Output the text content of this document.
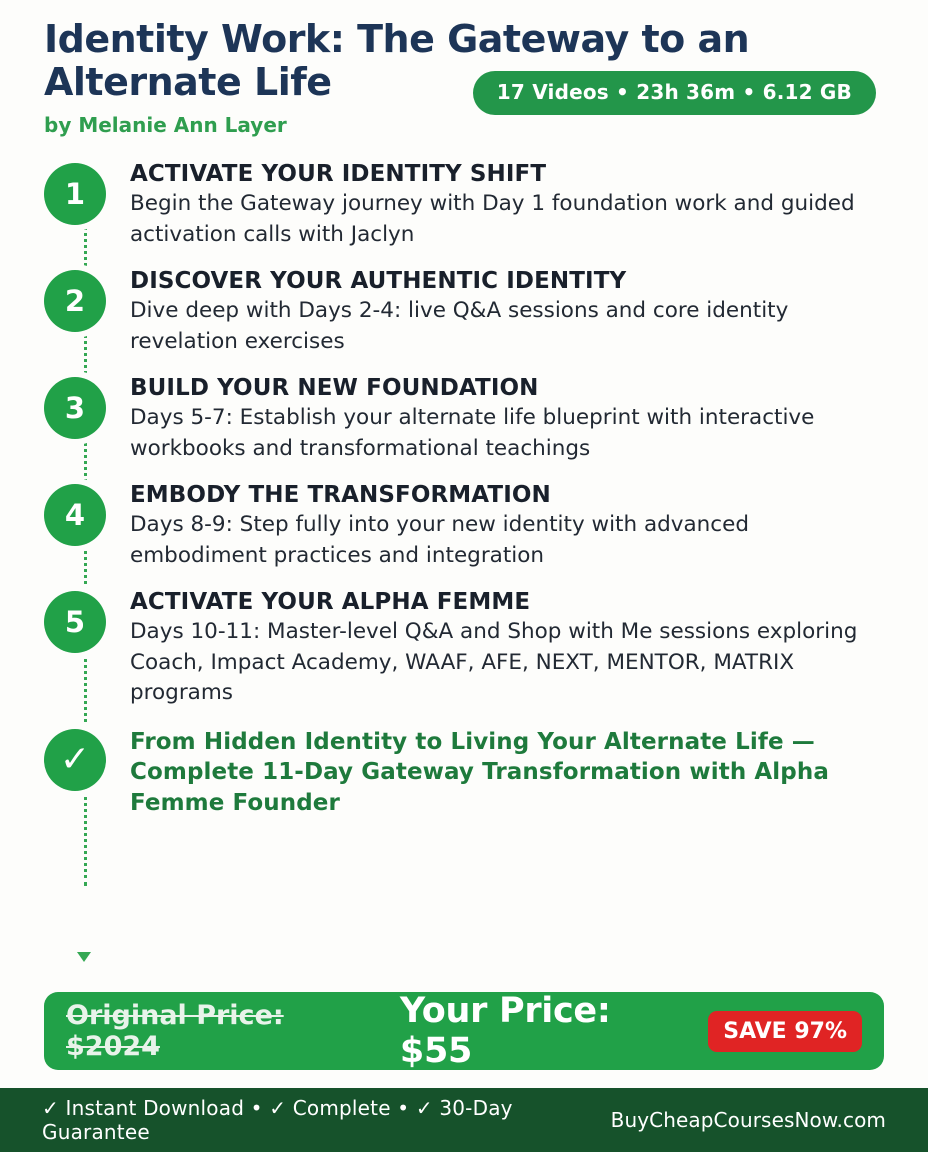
Identity Work: The Gateway to an Alternate Life
by Melanie Ann Layer
17 Videos • 23h 36m • 6.12 GB
1
ACTIVATE YOUR IDENTITY SHIFT
Begin the Gateway journey with Day 1 foundation work and guided activation calls with Jaclyn
2
DISCOVER YOUR AUTHENTIC IDENTITY
Dive deep with Days 2-4: live Q&A sessions and core identity revelation exercises
3
BUILD YOUR NEW FOUNDATION
Days 5-7: Establish your alternate life blueprint with interactive workbooks and transformational teachings
4
EMBODY THE TRANSFORMATION
Days 8-9: Step fully into your new identity with advanced embodiment practices and integration
5
ACTIVATE YOUR ALPHA FEMME
Days 10-11: Master-level Q&A and Shop with Me sessions exploring Coach, Impact Academy, WAAF, AFE, NEXT, MENTOR, MATRIX programs
✓	From Hidden Identity to Living Your Alternate Life — Complete 11-Day Gateway Transformation with Alpha Femme Founder
Original Price: $2024
Your Price: $55	SAVE 97%
✓ Instant Download • ✓ Complete • ✓ 30-Day Guarantee	BuyCheapCoursesNow.com
